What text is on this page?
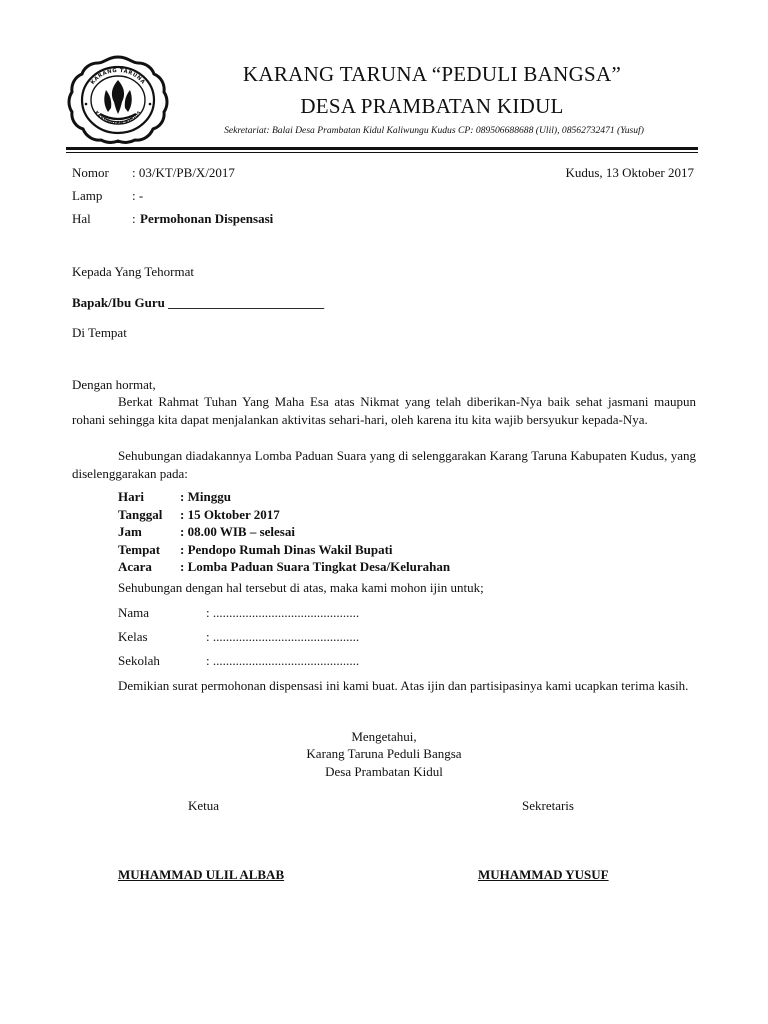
KARANG TARUNA
KABUPATEN KUDUS
KARANG TARUNA “PEDULI BANGSA”
DESA PRAMBATAN KIDUL
Sekretariat: Balai Desa Prambatan Kidul Kaliwungu Kudus CP: 089506688688 (Ulil), 08562732471 (Yusuf)
Nomor : 03/KT/PB/X/2017	Kudus, 13 Oktober 2017
Lamp : -
Hal	: Permohonan Dispensasi
Kepada Yang Tehormat
Bapak/Ibu Guru ________________________
Di Tempat
Dengan hormat,
Berkat Rahmat Tuhan Yang Maha Esa atas Nikmat yang telah diberikan-Nya baik sehat jasmani maupun rohani sehingga kita dapat menjalankan aktivitas sehari-hari, oleh karena itu kita wajib bersyukur kepada-Nya.
Sehubungan diadakannya Lomba Paduan Suara yang di selenggarakan Karang Taruna Kabupaten Kudus, yang diselenggarakan pada:
Hari	: Minggu
Tanggal : 15 Oktober 2017
Jam	: 08.00 WIB – selesai
Tempat : Pendopo Rumah Dinas Wakil Bupati
Acara : Lomba Paduan Suara Tingkat Desa/Kelurahan
Sehubungan dengan hal tersebut di atas, maka kami mohon ijin untuk;
Nama	: .............................................
Kelas	: .............................................
Sekolah	: .............................................
Demikian surat permohonan dispensasi ini kami buat. Atas ijin dan partisipasinya kami ucapkan terima kasih.
Mengetahui,
Karang Taruna Peduli Bangsa
Desa Prambatan Kidul
Ketua	Sekretaris
MUHAMMAD ULIL ALBAB	MUHAMMAD YUSUF
